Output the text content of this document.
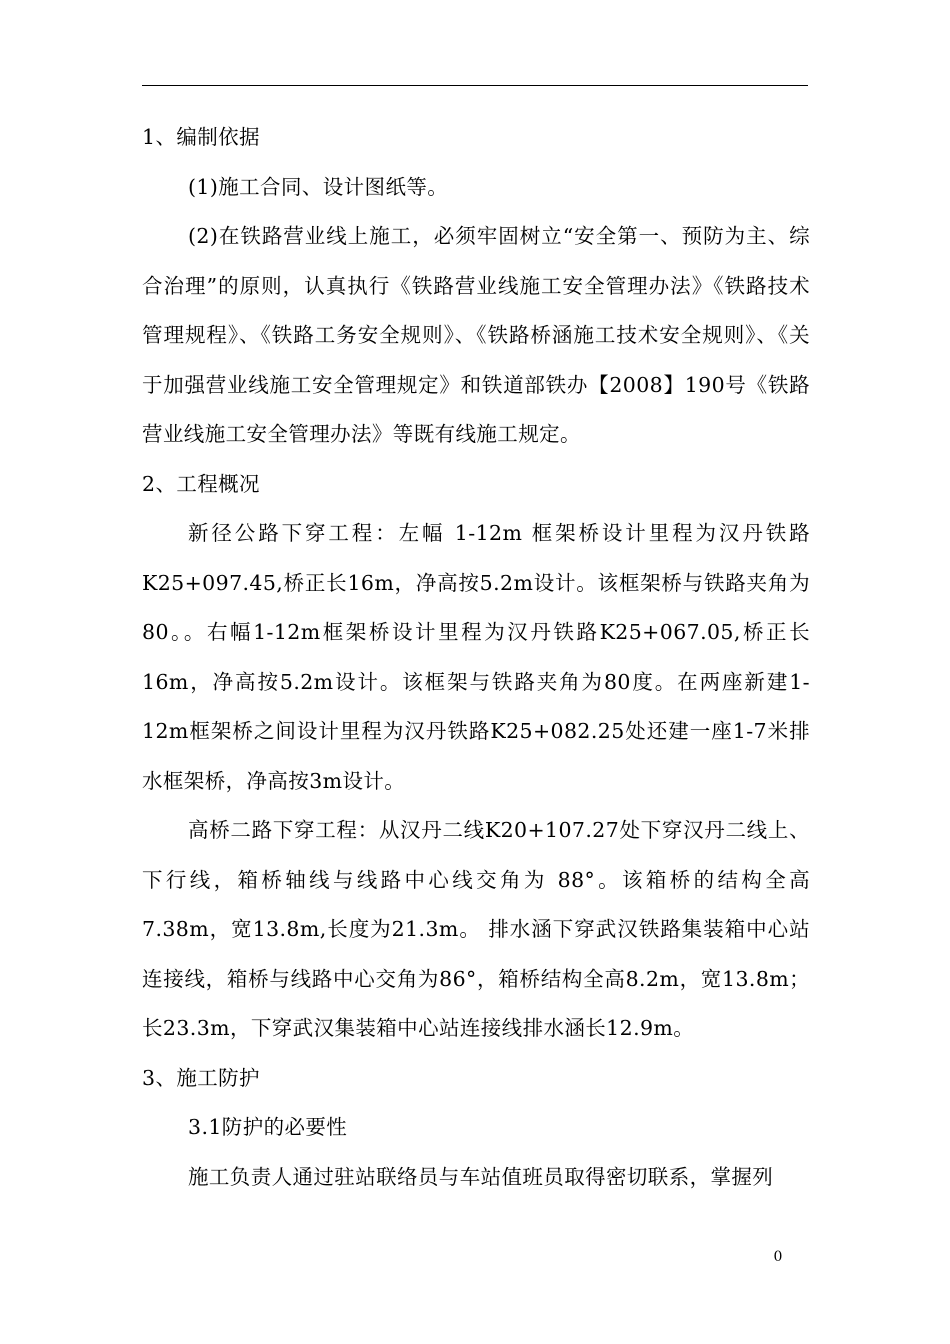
1、编制依据

(1)施工合同、设计图纸等。

(2)在铁路营业线上施工，必须牢固树立“安全第一、预防为主、综合治理”的原则，认真执行《铁路营业线施工安全管理办法》《铁路技术管理规程》、《铁路工务安全规则》、《铁路桥涵施工技术安全规则》、《关于加强营业线施工安全管理规定》和铁道部铁办【2008】190号《铁路营业线施工安全管理办法》等既有线施工规定。

2、工程概况

新径公路下穿工程：左幅 1-12m 框架桥设计里程为汉丹铁路K25+097.45,桥正长16m，净高按5.2m设计。该框架桥与铁路夹角为80。。右幅1-12m框架桥设计里程为汉丹铁路K25+067.05,桥正长16m，净高按5.2m设计。该框架与铁路夹角为80度。在两座新建1-12m框架桥之间设计里程为汉丹铁路K25+082.25处还建一座1-7米排水框架桥，净高按3m设计。

高桥二路下穿工程：从汉丹二线K20+107.27处下穿汉丹二线上、下行线，箱桥轴线与线路中心线交角为 88°。该箱桥的结构全高7.38m，宽13.8m,长度为21.3m。 排水涵下穿武汉铁路集装箱中心站连接线，箱桥与线路中心交角为86°，箱桥结构全高8.2m，宽13.8m；长23.3m，下穿武汉集装箱中心站连接线排水涵长12.9m。

3、施工防护

3.1防护的必要性

施工负责人通过驻站联络员与车站值班员取得密切联系，掌握列

0
